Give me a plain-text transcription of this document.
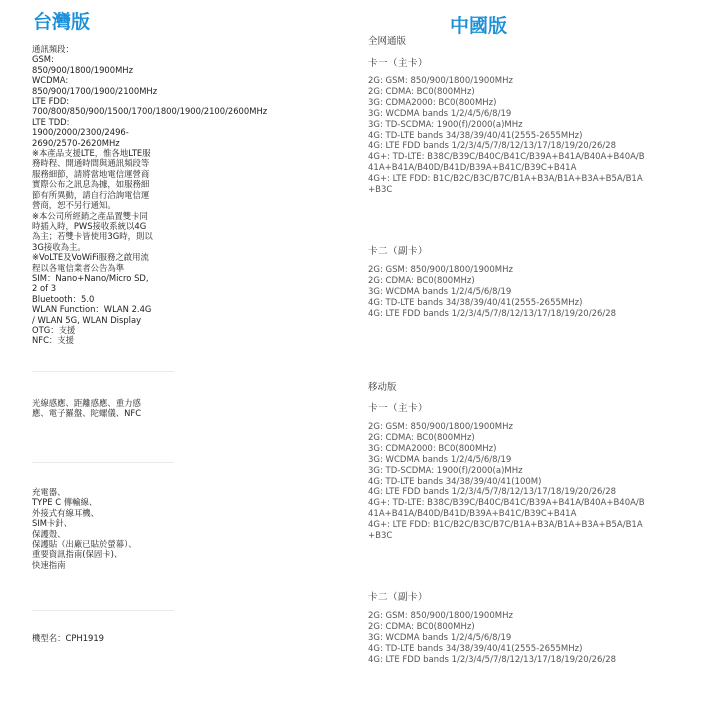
台灣版	中國版
通訊頻段：
GSM:
850/900/1800/1900MHz
WCDMA:
850/900/1700/1900/2100MHz
LTE FDD:
700/800/850/900/1500/1700/1800/1900/2100/2600MHz
LTE TDD:
1900/2000/2300/2496-
2690/2570-2620MHz
※本產品支援LTE，惟各地LTE服
務時程、開通時間與通訊頻段等
服務細節，請將當地電信運營商
實際公布之訊息為據，如服務細
節有所異動，請自行洽詢電信運
營商，恕不另行通知。
※本公司所經銷之產品置雙卡同
時插入時，PWS接收系統以4G
為主；若雙卡皆使用3G時，則以
3G接收為主。
※VoLTE及VoWiFi服務之啟用流
程以各電信業者公告為準
SIM：Nano+Nano/Micro SD,
2 of 3
Bluetooth：5.0
WLAN Function：WLAN 2.4G
/ WLAN 5G, WLAN Display
OTG：支援
NFC：支援
光線感應、距離感應、重力感
應、電子羅盤、陀螺儀、NFC
充電器、
TYPE C 傳輸線、
外接式有線耳機、
SIM卡針、
保護殼、
保護貼（出廠已貼於螢幕）、
重要資訊指南(保固卡)、
快速指南
機型名：CPH1919
全网通版
卡一（主卡）
2G: GSM: 850/900/1800/1900MHz
2G: CDMA: BC0(800MHz)
3G: CDMA2000: BC0(800MHz)
3G: WCDMA bands 1/2/4/5/6/8/19
3G: TD-SCDMA: 1900(f)/2000(a)MHz
4G: TD-LTE bands 34/38/39/40/41(2555-2655MHz)
4G: LTE FDD bands 1/2/3/4/5/7/8/12/13/17/18/19/20/26/28
4G+: TD-LTE: B38C/B39C/B40C/B41C/B39A+B41A/B40A+B40A/B
41A+B41A/B40D/B41D/B39A+B41C/B39C+B41A
4G+: LTE FDD: B1C/B2C/B3C/B7C/B1A+B3A/B1A+B3A+B5A/B1A
+B3C
卡二（副卡）
2G: GSM: 850/900/1800/1900MHz
2G: CDMA: BC0(800MHz)
3G: WCDMA bands 1/2/4/5/6/8/19
4G: TD-LTE bands 34/38/39/40/41(2555-2655MHz)
4G: LTE FDD bands 1/2/3/4/5/7/8/12/13/17/18/19/20/26/28
移动版
卡一（主卡）
2G: GSM: 850/900/1800/1900MHz
2G: CDMA: BC0(800MHz)
3G: CDMA2000: BC0(800MHz)
3G: WCDMA bands 1/2/4/5/6/8/19
3G: TD-SCDMA: 1900(f)/2000(a)MHz
4G: TD-LTE bands 34/38/39/40/41(100M)
4G: LTE FDD bands 1/2/3/4/5/7/8/12/13/17/18/19/20/26/28
4G+: TD-LTE: B38C/B39C/B40C/B41C/B39A+B41A/B40A+B40A/B
41A+B41A/B40D/B41D/B39A+B41C/B39C+B41A
4G+: LTE FDD: B1C/B2C/B3C/B7C/B1A+B3A/B1A+B3A+B5A/B1A
+B3C
卡二（副卡）
2G: GSM: 850/900/1800/1900MHz
2G: CDMA: BC0(800MHz)
3G: WCDMA bands 1/2/4/5/6/8/19
4G: TD-LTE bands 34/38/39/40/41(2555-2655MHz)
4G: LTE FDD bands 1/2/3/4/5/7/8/12/13/17/18/19/20/26/28
